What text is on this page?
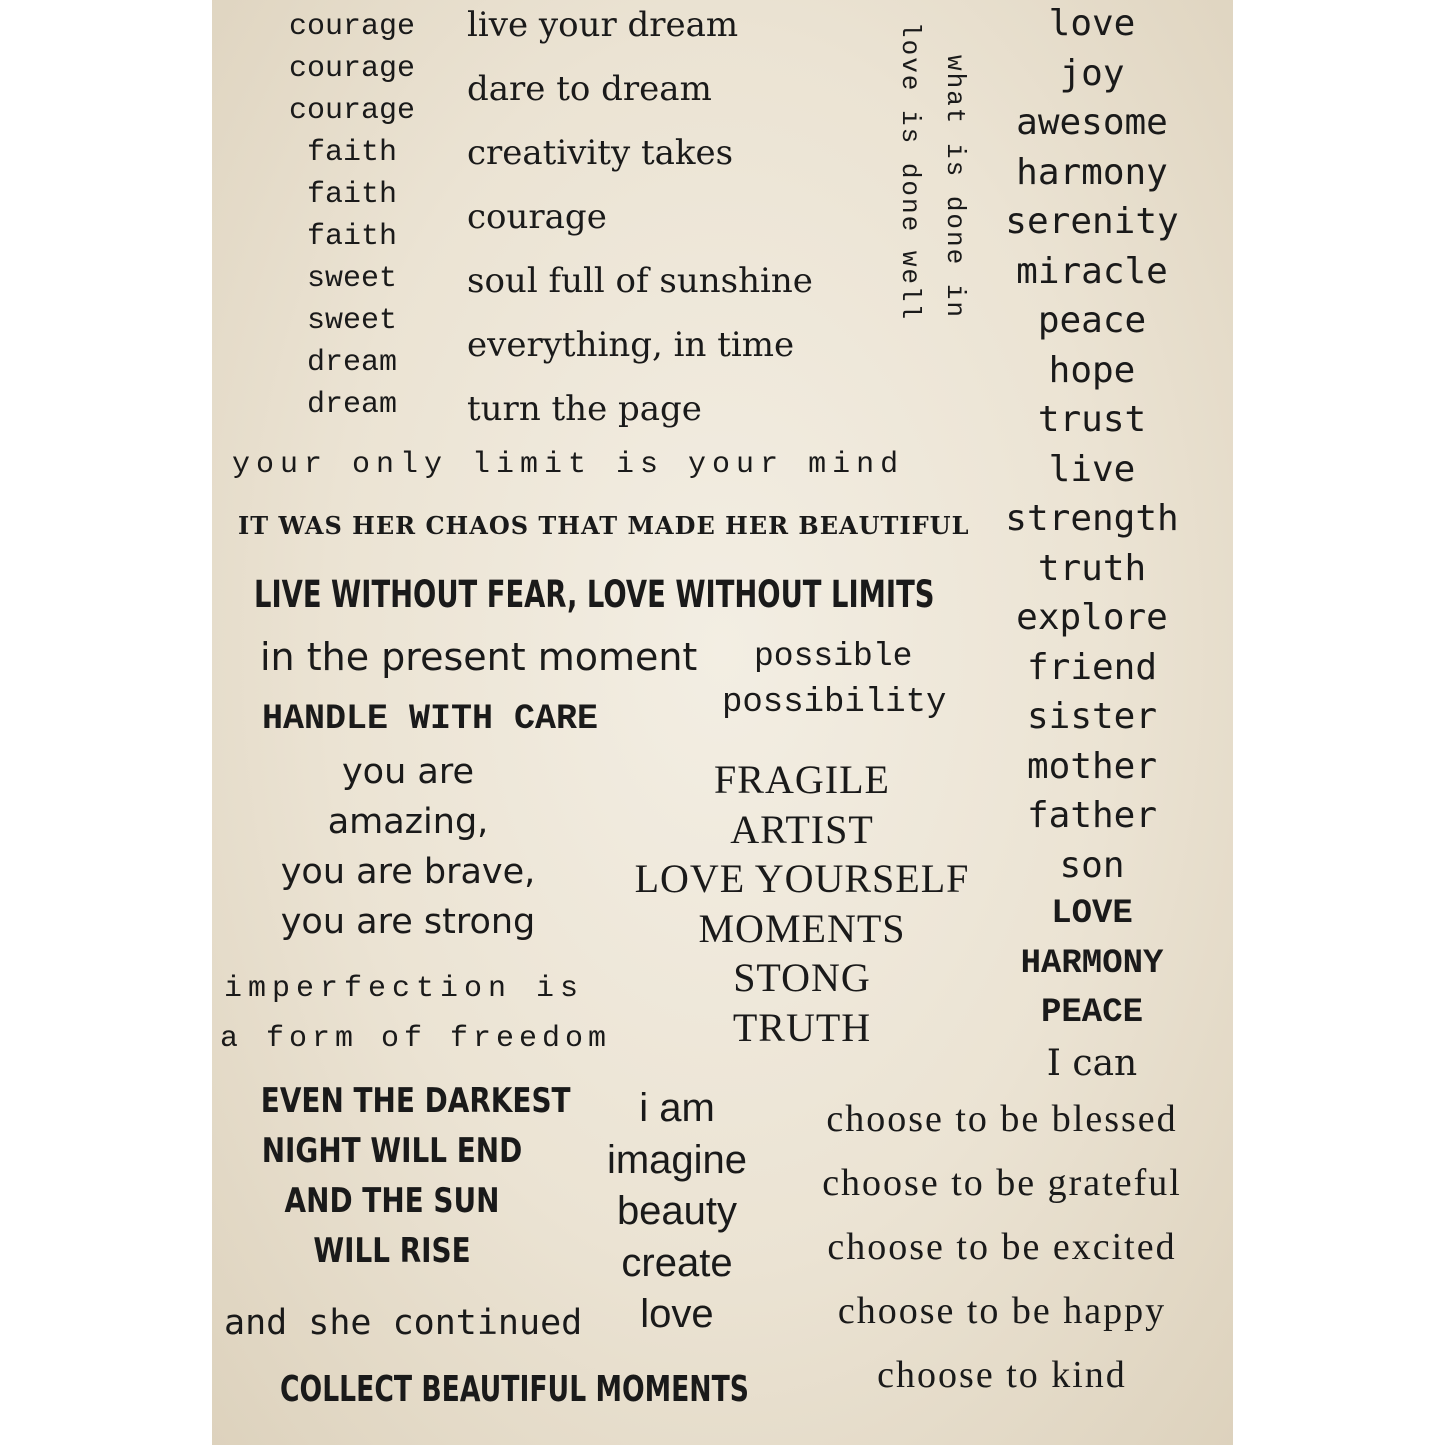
courage
courage
courage
faith
faith
faith
sweet
sweet
dream
dream
live your dream
dare to dream
creativity takes
courage
soul full of sunshine
everything, in time
turn the page
love is done well what is done in
love
joy
awesome
harmony
serenity
miracle
peace
hope
trust
live
strength
truth
explore
friend
sister
mother
father
son
LOVE
HARMONY
PEACE
I can
your only limit is your mind
IT WAS HER CHAOS THAT MADE HER BEAUTIFUL
LIVE WITHOUT FEAR, LOVE WITHOUT LIMITS
in the present moment possible
possibility
HANDLE WITH CARE
you are
amazing,
you are brave,
you are strong
FRAGILE
ARTIST
LOVE YOURSELF
MOMENTS
STONG
TRUTH
imperfection is
a form of freedom
EVEN THE DARKEST
NIGHT WILL END
AND THE SUN
WILL RISE
i am
imagine
beauty
create
love
choose to be blessed
choose to be grateful
choose to be excited
choose to be happy
choose to kind
and she continued
COLLECT BEAUTIFUL MOMENTS
